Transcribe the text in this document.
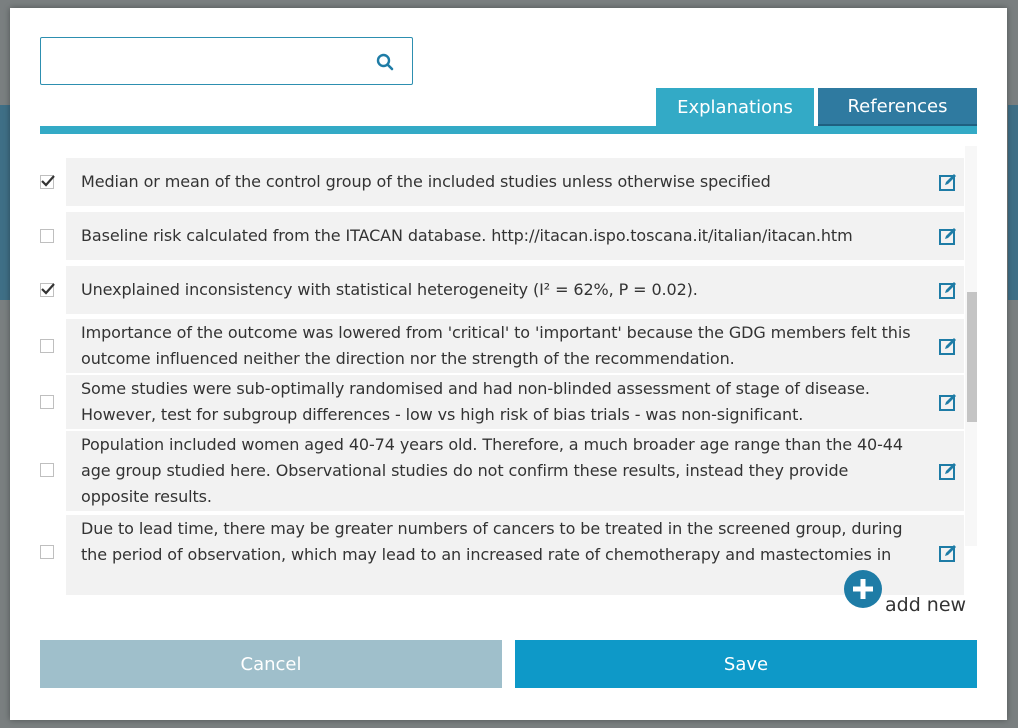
Explanations	References
Median or mean of the control group of the included studies unless otherwise specified
Baseline risk calculated from the ITACAN database. http://itacan.ispo.toscana.it/italian/itacan.htm
Unexplained inconsistency with statistical heterogeneity (I² = 62%, P = 0.02).
Importance of the outcome was lowered from 'critical' to 'important' because the GDG members felt this outcome influenced neither the direction nor the strength of the recommendation.
Some studies were sub-optimally randomised and had non-blinded assessment of stage of disease. However, test for subgroup differences - low vs high risk of bias trials - was non-significant.
Population included women aged 40-74 years old. Therefore, a much broader age range than the 40-44 age group studied here. Observational studies do not confirm these results, instead they provide opposite results.
Due to lead time, there may be greater numbers of cancers to be treated in the screened group, during the period of observation, which may lead to an increased rate of chemotherapy and mastectomies in
add new
Cancel	Save
